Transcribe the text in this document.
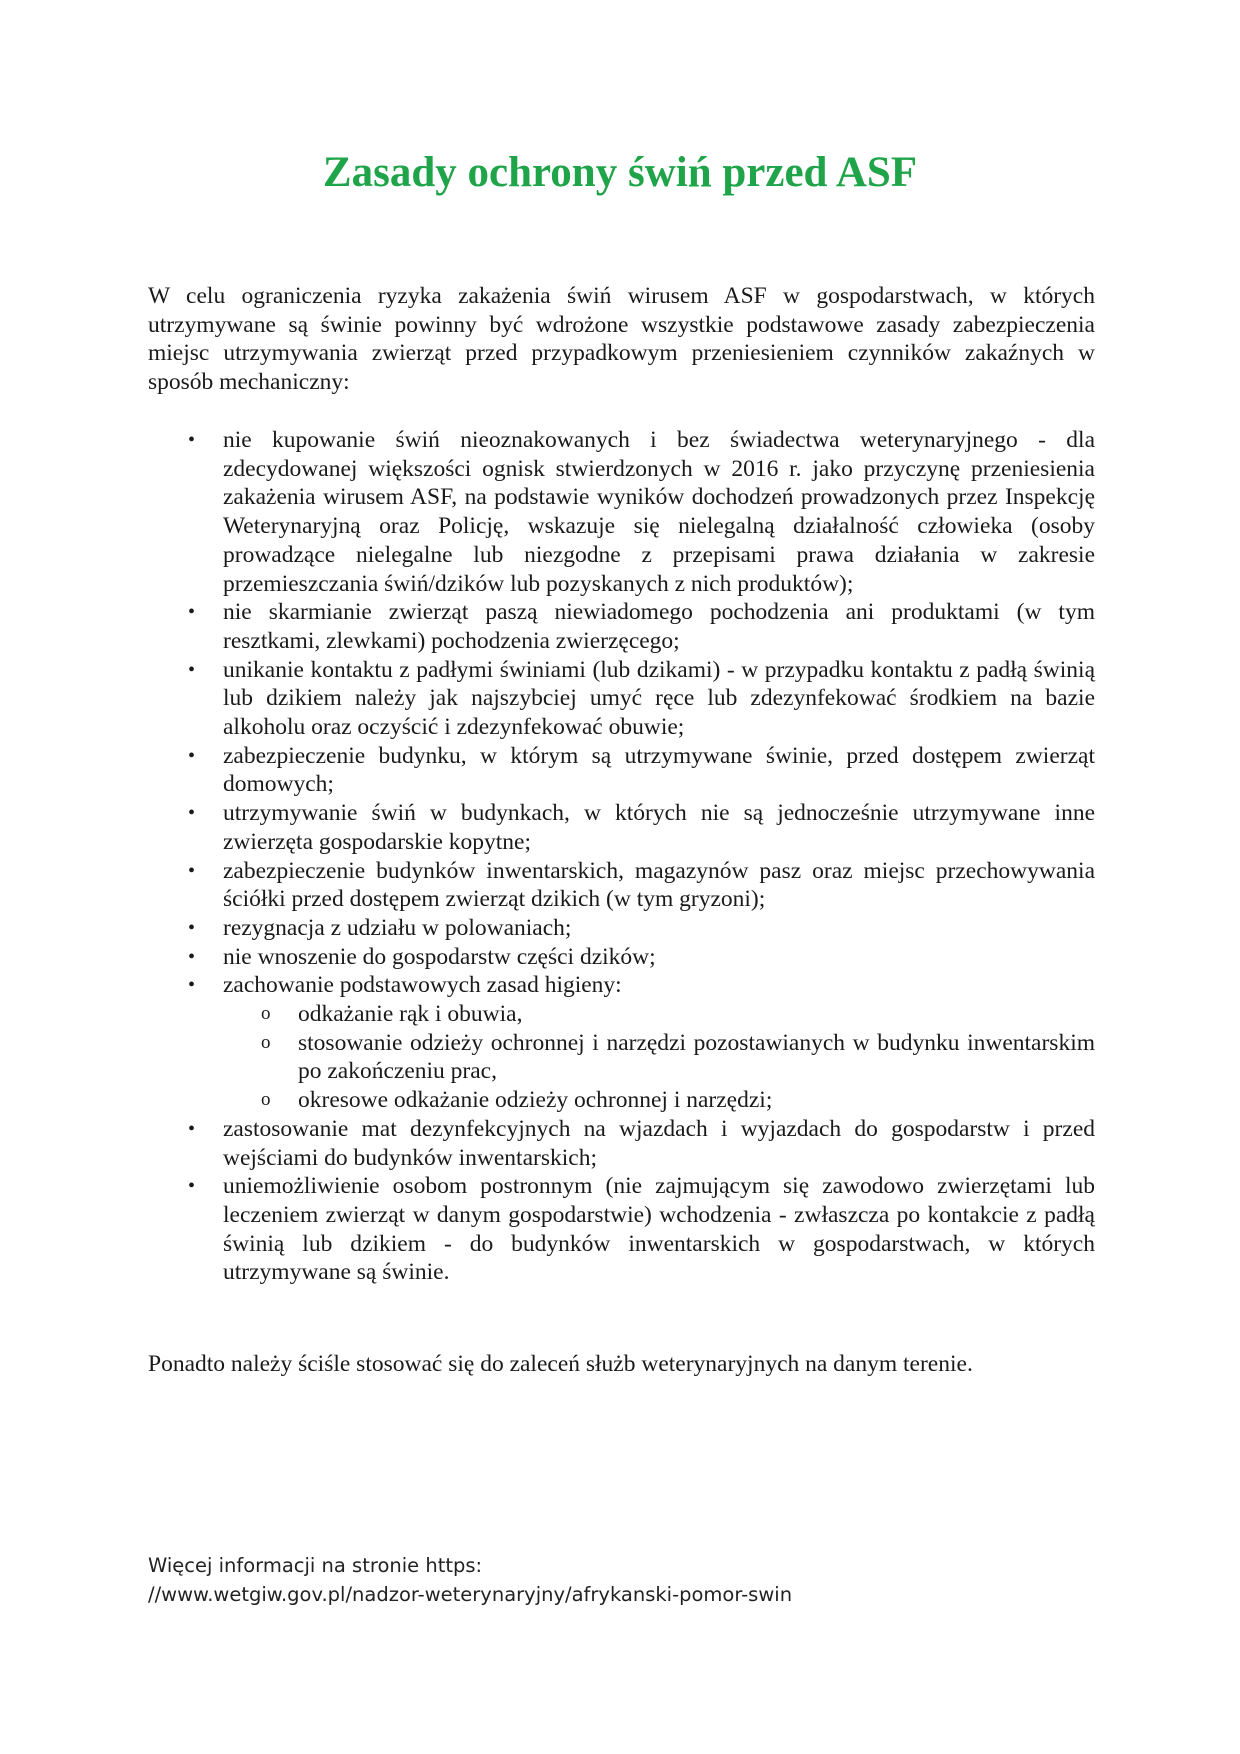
Zasady ochrony świń przed ASF

W celu ograniczenia ryzyka zakażenia świń wirusem ASF w gospodarstwach, w których utrzymywane są świnie powinny być wdrożone wszystkie podstawowe zasady zabezpieczenia miejsc utrzymywania zwierząt przed przypadkowym przeniesieniem czynników zakaźnych w sposób mechaniczny:

• nie kupowanie świń nieoznakowanych i bez świadectwa weterynaryjnego - dla zdecydowanej większości ognisk stwierdzonych w 2016 r. jako przyczynę przeniesienia zakażenia wirusem ASF, na podstawie wyników dochodzeń prowadzonych przez Inspekcję Weterynaryjną oraz Policję, wskazuje się nielegalną działalność człowieka (osoby prowadzące nielegalne lub niezgodne z przepisami prawa działania w zakresie przemieszczania świń/dzików lub pozyskanych z nich produktów);
• nie skarmianie zwierząt paszą niewiadomego pochodzenia ani produktami (w tym resztkami, zlewkami) pochodzenia zwierzęcego;
• unikanie kontaktu z padłymi świniami (lub dzikami) - w przypadku kontaktu z padłą świnią lub dzikiem należy jak najszybciej umyć ręce lub zdezynfekować środkiem na bazie alkoholu oraz oczyścić i zdezynfekować obuwie;
• zabezpieczenie budynku, w którym są utrzymywane świnie, przed dostępem zwierząt domowych;
• utrzymywanie świń w budynkach, w których nie są jednocześnie utrzymywane inne zwierzęta gospodarskie kopytne;
• zabezpieczenie budynków inwentarskich, magazynów pasz oraz miejsc przechowywania ściółki przed dostępem zwierząt dzikich (w tym gryzoni);
• rezygnacja z udziału w polowaniach;
• nie wnoszenie do gospodarstw części dzików;
• zachowanie podstawowych zasad higieny:
o odkażanie rąk i obuwia,
o stosowanie odzieży ochronnej i narzędzi pozostawianych w budynku inwentarskim po zakończeniu prac,
o okresowe odkażanie odzieży ochronnej i narzędzi;
• zastosowanie mat dezynfekcyjnych na wjazdach i wyjazdach do gospodarstw i przed wejściami do budynków inwentarskich;
• uniemożliwienie osobom postronnym (nie zajmującym się zawodowo zwierzętami lub leczeniem zwierząt w danym gospodarstwie) wchodzenia - zwłaszcza po kontakcie z padłą świnią lub dzikiem - do budynków inwentarskich w gospodarstwach, w których utrzymywane są świnie.

Ponadto należy ściśle stosować się do zaleceń służb weterynaryjnych na danym terenie.

Więcej informacji na stronie https:
//www.wetgiw.gov.pl/nadzor-weterynaryjny/afrykanski-pomor-swin
